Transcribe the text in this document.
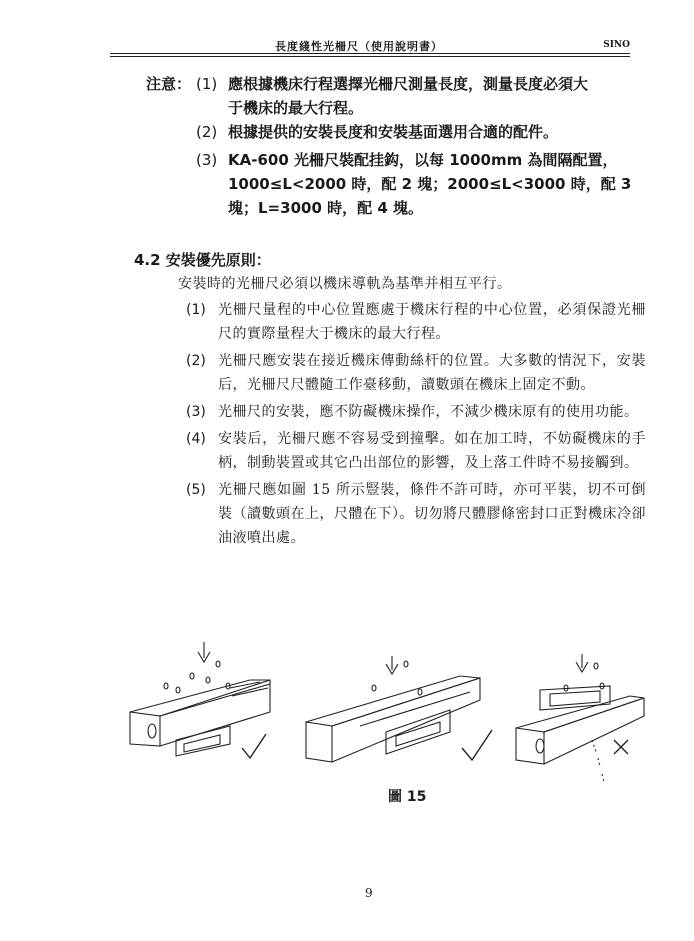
長度綫性光柵尺（使用說明書）	SINO
注意： (1) 應根據機床行程選擇光柵尺測量長度，測量長度必須大
于機床的最大行程。
(2) 根據提供的安裝長度和安裝基面選用合適的配件。
(3) KA-600 光柵尺裝配挂鈎，以每 1000mm 為間隔配置，
1000≤L<2000 時，配 2 塊；2000≤L<3000 時，配 3
塊；L=3000 時，配 4 塊。
4.2 安裝優先原則：
安裝時的光柵尺必須以機床導軌為基準并相互平行。
(1) 光柵尺量程的中心位置應處于機床行程的中心位置，必須保證光柵尺的實際量程大于機床的最大行程。
(2) 光柵尺應安裝在接近機床傳動絲杆的位置。大多數的情況下，安裝后，光柵尺尺體隨工作臺移動，讀數頭在機床上固定不動。
(3) 光柵尺的安裝，應不防礙機床操作，不減少機床原有的使用功能。
(4) 安裝后，光柵尺應不容易受到撞擊。如在加工時，不妨礙機床的手柄，制動裝置或其它凸出部位的影響，及上落工件時不易接觸到。
(5) 光柵尺應如圖 15 所示豎裝，條件不許可時，亦可平裝，切不可倒裝（讀數頭在上，尺體在下）。切勿將尺體膠條密封口正對機床冷卻油液噴出處。
圖 15
9
